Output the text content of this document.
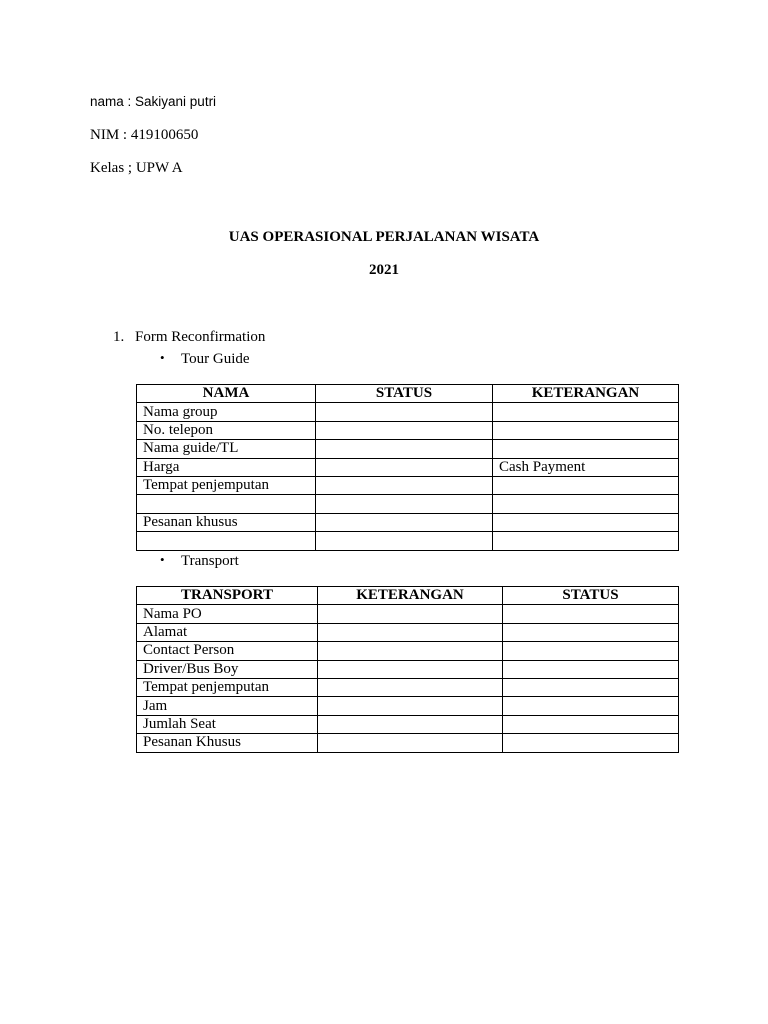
nama : Sakiyani putri
NIM : 419100650
Kelas ; UPW A
UAS OPERASIONAL PERJALANAN WISATA
2021
1. Form Reconfirmation
• Tour Guide
NAMA	STATUS	KETERANGAN
Nama group		
No. telepon		
Nama guide/TL		
Harga		Cash Payment
Tempat penjemputan		

Pesanan khusus		

• Transport
TRANSPORT	KETERANGAN	STATUS
Nama PO		
Alamat		
Contact Person		
Driver/Bus Boy		
Tempat penjemputan		
Jam		
Jumlah Seat		
Pesanan Khusus		
